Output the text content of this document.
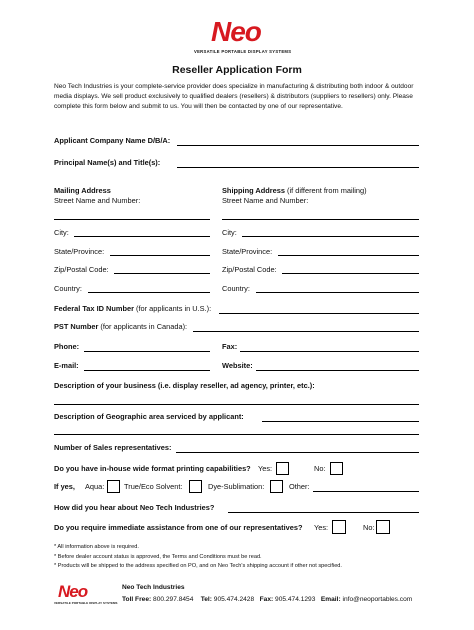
Neo
VERSATILE PORTABLE DISPLAY SYSTEMS
Reseller Application Form
Neo Tech Industries is your complete-service provider does specialize in manufacturing & distributing both indoor & outdoor media displays. We sell product exclusively to qualified dealers (resellers) & distributors (suppliers to resellers) only. Please complete this form below and submit to us. You will then be contacted by one of our representative.
Applicant Company Name D/B/A:
Principal Name(s) and Title(s):
Mailing Address
Street Name and Number:
Shipping Address (if different from mailing)
Street Name and Number:
City:	City:
State/Province:	State/Province:
Zip/Postal Code:	Zip/Postal Code:
Country:	Country:
Federal Tax ID Number (for applicants in U.S.):
PST Number (for applicants in Canada):
Phone:	Fax:
E-mail:	Website:
Description of your business (i.e. display reseller, ad agency, printer, etc.):
Description of Geographic area serviced by applicant:
Number of Sales representatives:
Do you have in-house wide format printing capabilities? Yes:	No:
If yes, Aqua:	True/Eco Solvent:	Dye-Sublimation:	Other:
How did you hear about Neo Tech Industries?
Do you require immediate assistance from one of our representatives? Yes:	No:
* All information above is required.
* Before dealer account status is approved, the Terms and Conditions must be read.
* Products will be shipped to the address specified on PO, and on Neo Tech's shipping account if other not specified.
Neo
VERSATILE PORTABLE DISPLAY SYSTEMS
Neo Tech Industries
Toll Free: 800.297.8454 Tel: 905.474.2428 Fax: 905.474.1293 Email: info@neoportables.com
